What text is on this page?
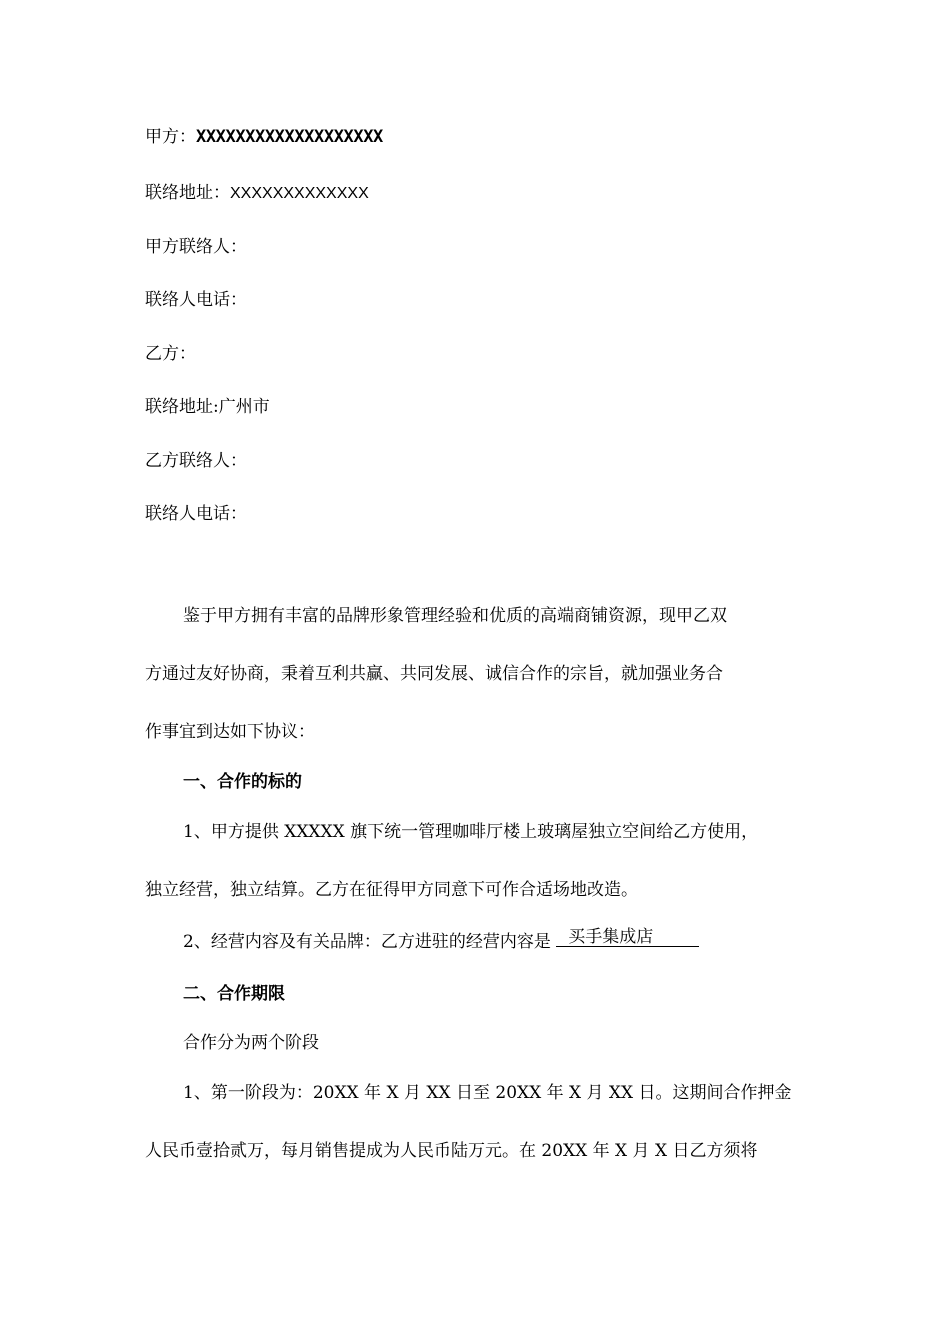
甲方：XXXXXXXXXXXXXXXXXXX
联络地址：XXXXXXXXXXXXX
甲方联络人：
联络人电话：
乙方：
联络地址:广州市
乙方联络人：
联络人电话：
鉴于甲方拥有丰富的品牌形象管理经验和优质的高端商铺资源，现甲乙双
方通过友好协商，秉着互利共赢、共同发展、诚信合作的宗旨，就加强业务合
作事宜到达如下协议：
一、合作的标的
1、甲方提供 XXXXX 旗下统一管理咖啡厅楼上玻璃屋独立空间给乙方使用，
独立经营，独立结算。乙方在征得甲方同意下可作合适场地改造。
2、经营内容及有关品牌：乙方进驻的经营内容是 买手集成店
二、合作期限
合作分为两个阶段
1、第一阶段为：20XX 年 X 月 XX 日至 20XX 年 X 月 XX 日。这期间合作押金
人民币壹拾贰万，每月销售提成为人民币陆万元。在 20XX 年 X 月 X 日乙方须将
